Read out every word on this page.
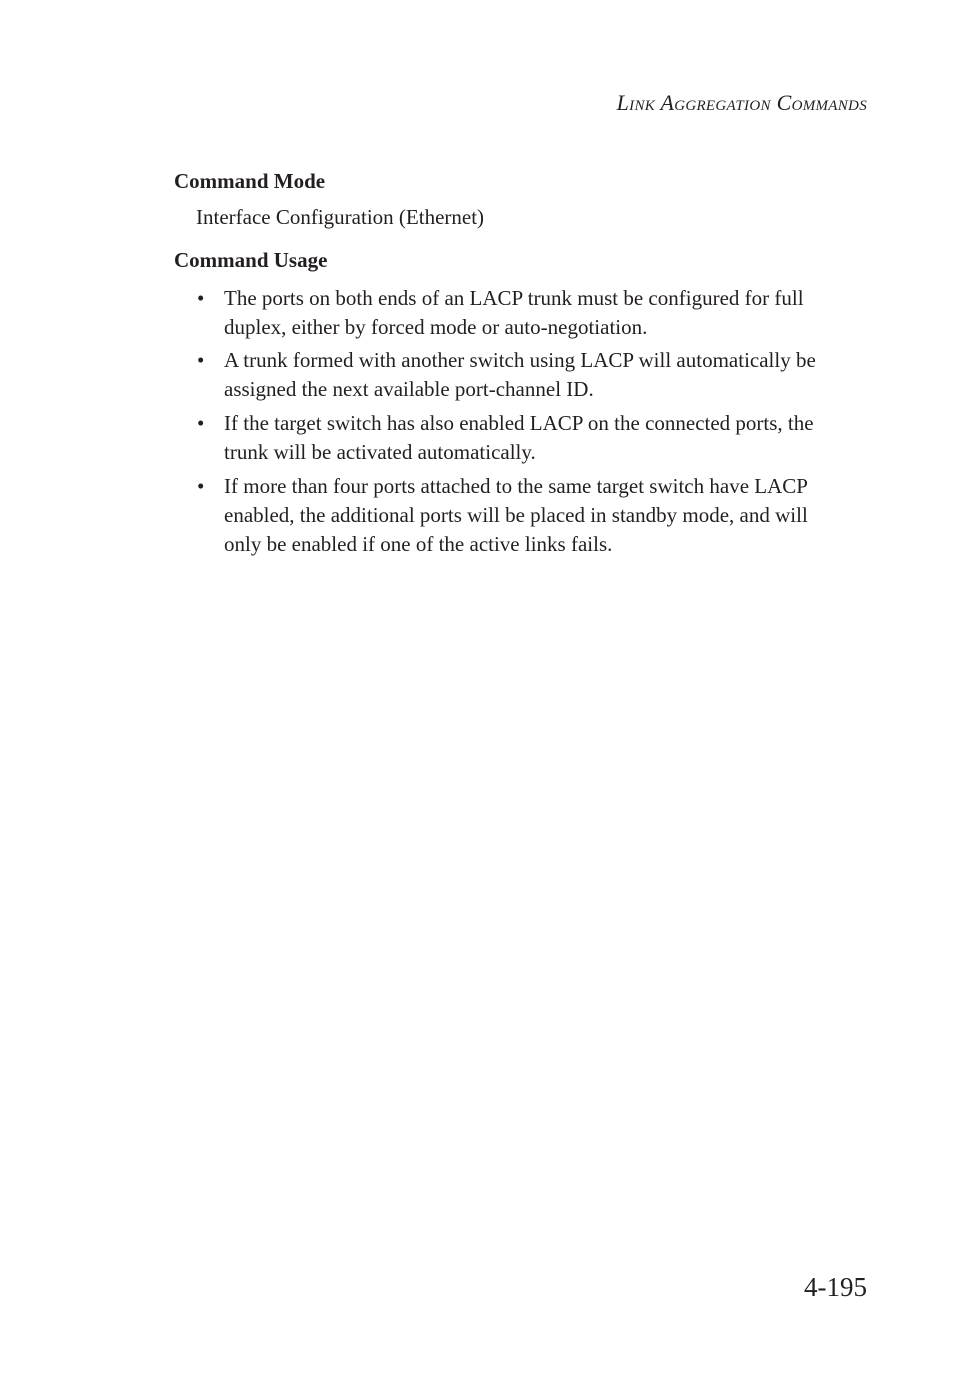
Link Aggregation Commands
Command Mode
Interface Configuration (Ethernet)
Command Usage
• The ports on both ends of an LACP trunk must be configured for full
duplex, either by forced mode or auto-negotiation.
• A trunk formed with another switch using LACP will automatically be
assigned the next available port-channel ID.
• If the target switch has also enabled LACP on the connected ports, the
trunk will be activated automatically.
• If more than four ports attached to the same target switch have LACP
enabled, the additional ports will be placed in standby mode, and will
only be enabled if one of the active links fails.
4-195
